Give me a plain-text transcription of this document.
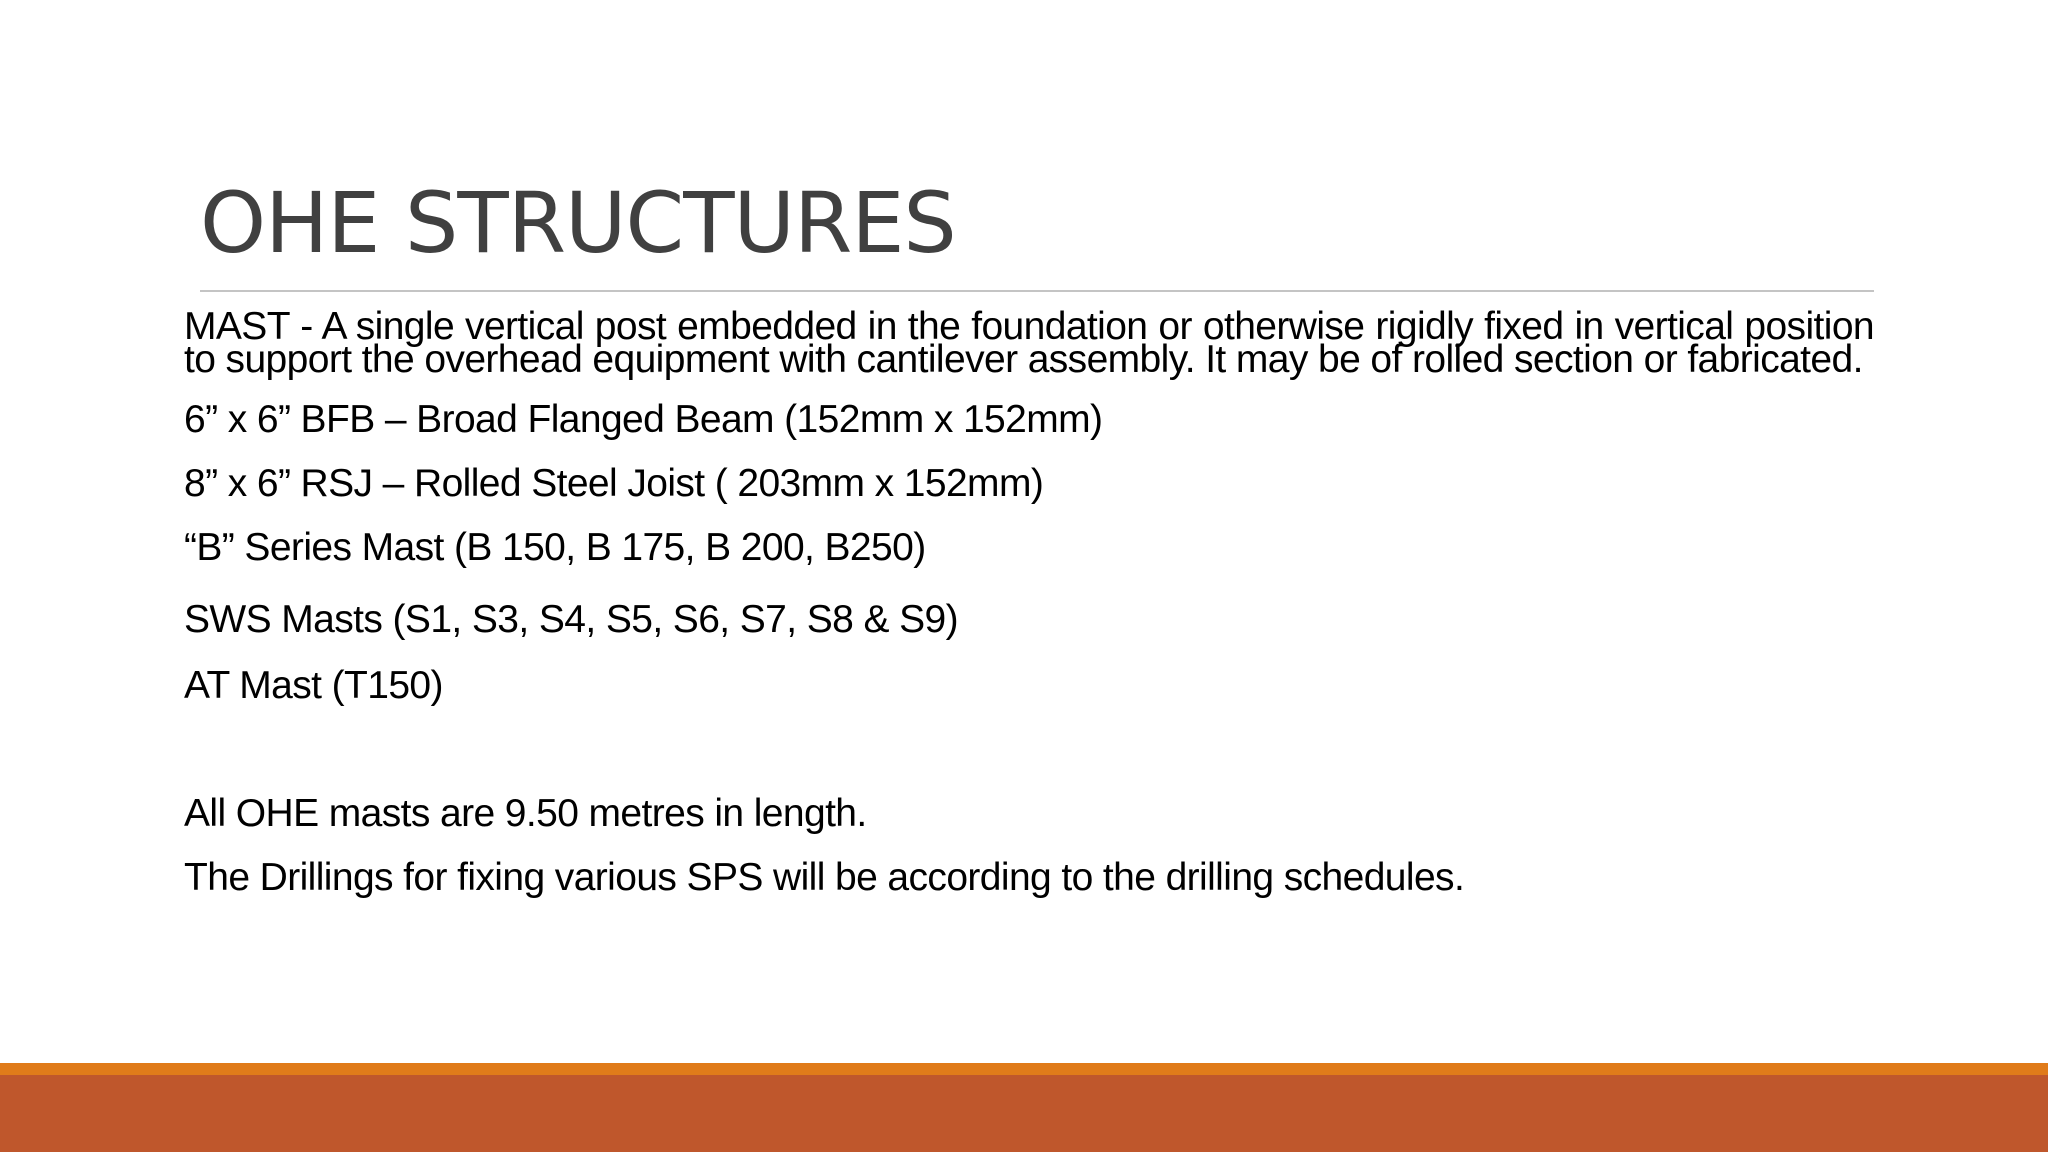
OHE STRUCTURES

MAST - A single vertical post embedded in the foundation or otherwise rigidly fixed in vertical position to support the overhead equipment with cantilever assembly. It may be of rolled section or fabricated.

6” x 6” BFB – Broad Flanged Beam (152mm x 152mm)

8” x 6” RSJ – Rolled Steel Joist ( 203mm x 152mm)

“B” Series Mast (B 150, B 175, B 200, B250)

SWS Masts (S1, S3, S4, S5, S6, S7, S8 & S9)

AT Mast (T150)

All OHE masts are 9.50 metres in length.

The Drillings for fixing various SPS will be according to the drilling schedules.
